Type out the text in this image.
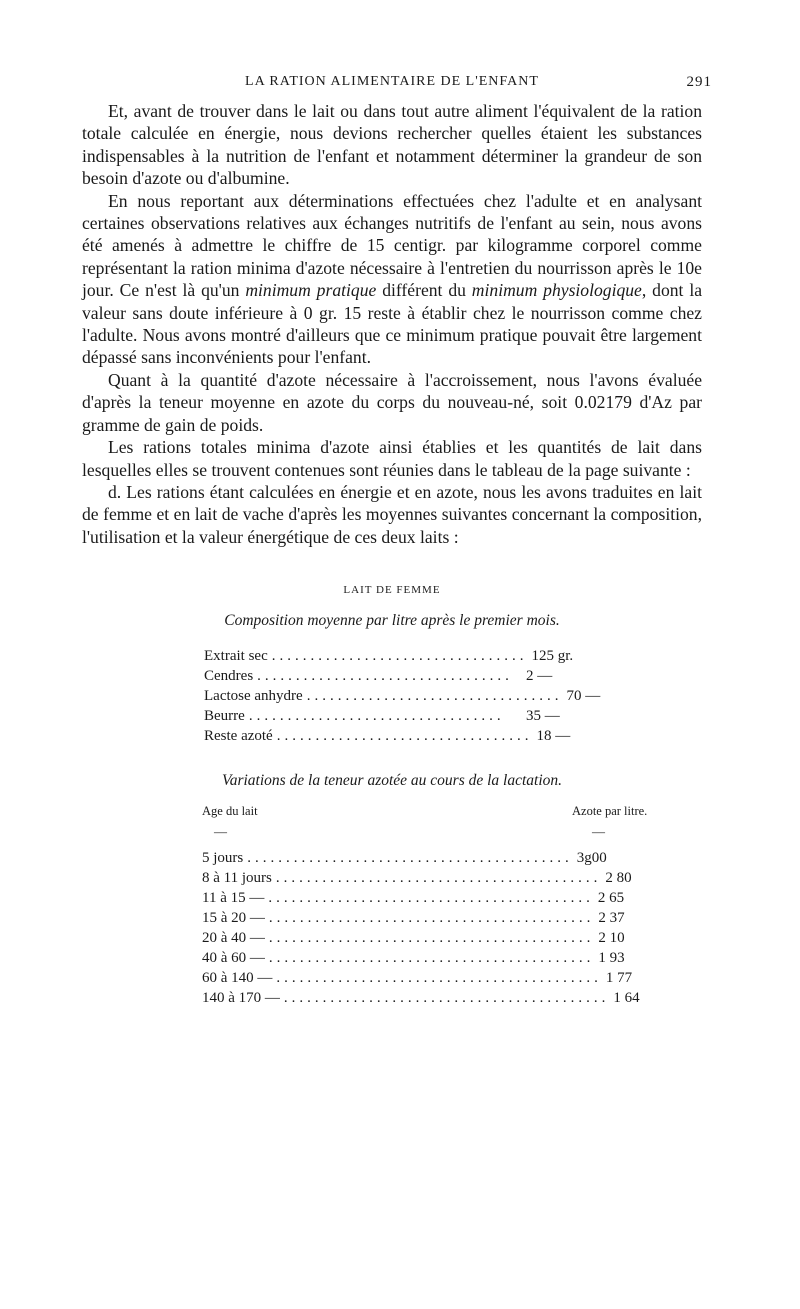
LA RATION ALIMENTAIRE DE L'ENFANT	291

Et, avant de trouver dans le lait ou dans tout autre aliment l'équivalent de la ration totale calculée en énergie, nous devions rechercher quelles étaient les substances indispensables à la nutrition de l'enfant et notamment déterminer la grandeur de son besoin d'azote ou d'albumine.

En nous reportant aux déterminations effectuées chez l'adulte et en analysant certaines observations relatives aux échanges nutritifs de l'enfant au sein, nous avons été amenés à admettre le chiffre de 15 centigr. par kilogramme corporel comme représentant la ration minima d'azote nécessaire à l'entretien du nourrisson après le 10e jour. Ce n'est là qu'un minimum pratique différent du minimum physiologique, dont la valeur sans doute inférieure à 0 gr. 15 reste à établir chez le nourrisson comme chez l'adulte. Nous avons montré d'ailleurs que ce minimum pratique pouvait être largement dépassé sans inconvénients pour l'enfant.

Quant à la quantité d'azote nécessaire à l'accroissement, nous l'avons évaluée d'après la teneur moyenne en azote du corps du nouveau-né, soit 0.02179 d'Az par gramme de gain de poids.

Les rations totales minima d'azote ainsi établies et les quantités de lait dans lesquelles elles se trouvent contenues sont réunies dans le tableau de la page suivante :

d. Les rations étant calculées en énergie et en azote, nous les avons traduites en lait de femme et en lait de vache d'après les moyennes suivantes concernant la composition, l'utilisation et la valeur énergétique de ces deux laits :

LAIT DE FEMME
Composition moyenne par litre après le premier mois.
Extrait sec ................................. 125 gr.
Cendres ................................. 2 —
Lactose anhydre ................................. 70 —
Beurre .................................	35 —
Reste azoté ................................. 18 —
Variations de la teneur azotée au cours de la lactation.
Age du lait	Azote par litre.
—	—
5 jours .......................................... 3g00
8 à 11 jours .......................................... 2 80
11 à 15 — .......................................... 2 65
15 à 20 — .......................................... 2 37
20 à 40 — .......................................... 2 10
40 à 60 — .......................................... 1 93
60 à 140 — .......................................... 1 77
140 à 170 — .......................................... 1 64
